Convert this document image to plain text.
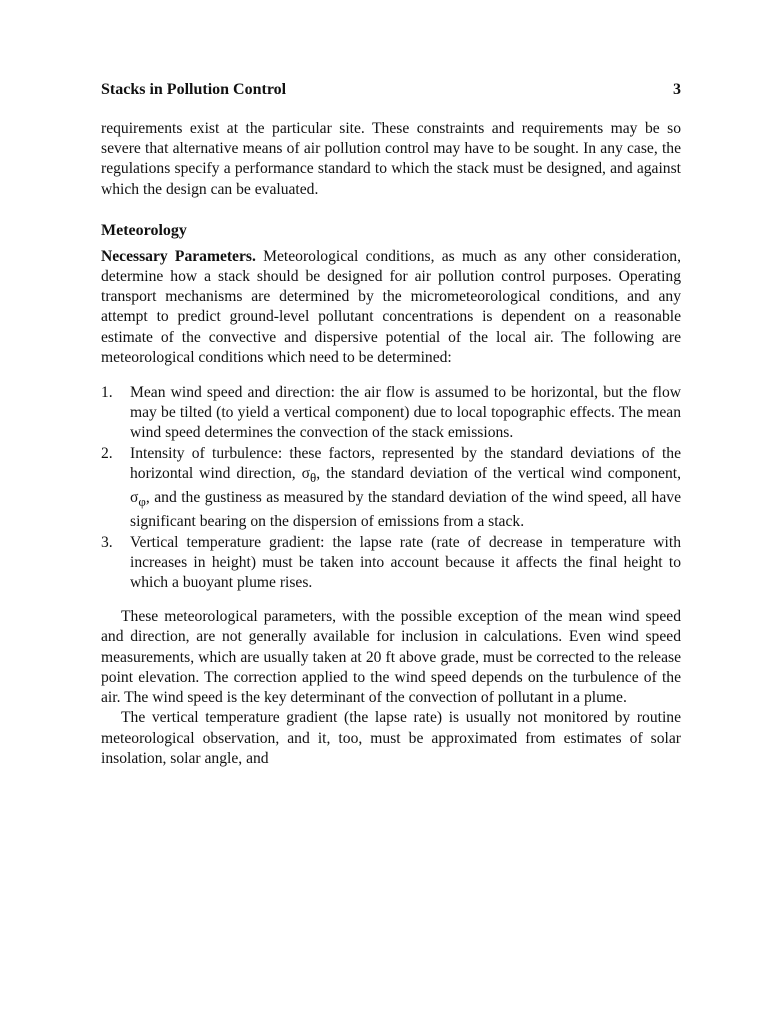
Stacks in Pollution Control	3

requirements exist at the particular site. These constraints and requirements may be so severe that alternative means of air pollution control may have to be sought. In any case, the regulations specify a performance standard to which the stack must be designed, and against which the design can be evaluated.

Meteorology

Necessary Parameters. Meteorological conditions, as much as any other consideration, determine how a stack should be designed for air pollution control purposes. Operating transport mechanisms are determined by the micrometeorological conditions, and any attempt to predict ground-level pollutant concentrations is dependent on a reasonable estimate of the convective and dispersive potential of the local air. The following are meteorological conditions which need to be determined:

1.	Mean wind speed and direction: the air flow is assumed to be horizontal, but the flow may be tilted (to yield a vertical component) due to local topographic effects. The mean wind speed determines the convection of the stack emissions.
2.	Intensity of turbulence: these factors, represented by the standard deviations of the horizontal wind direction, $\sigma_\theta$, the standard deviation of the vertical wind component, $\sigma_\varphi$, and the gustiness as measured by the standard deviation of the wind speed, all have significant bearing on the dispersion of emissions from a stack.
3.	Vertical temperature gradient: the lapse rate (rate of decrease in temperature with increases in height) must be taken into account because it affects the final height to which a buoyant plume rises.

These meteorological parameters, with the possible exception of the mean wind speed and direction, are not generally available for inclusion in calculations. Even wind speed measurements, which are usually taken at 20 ft above grade, must be corrected to the release point elevation. The correction applied to the wind speed depends on the turbulence of the air. The wind speed is the key determinant of the convection of pollutant in a plume.

The vertical temperature gradient (the lapse rate) is usually not monitored by routine meteorological observation, and it, too, must be approximated from estimates of solar insolation, solar angle, and
